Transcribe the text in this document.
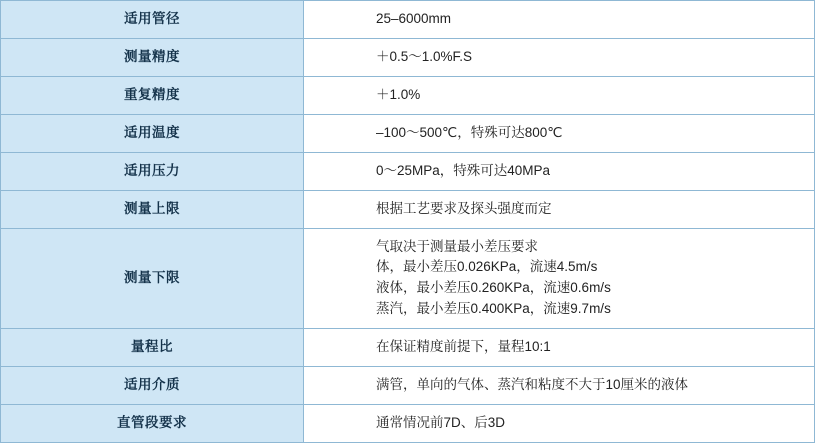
适用管径	25–6000mm
测量精度	＋0.5～1.0%F.S
重复精度	＋1.0%
适用温度	–100～500℃，特殊可达800℃
适用压力	0～25MPa，特殊可达40MPa
测量上限	根据工艺要求及探头强度而定
测量下限	气取决于测量最小差压要求
体，最小差压0.026KPa，流速4.5m/s
液体，最小差压0.260KPa，流速0.6m/s
蒸汽，最小差压0.400KPa，流速9.7m/s

量程比	在保证精度前提下，量程10:1
适用介质	满管，单向的气体、蒸汽和粘度不大于10厘米的液体
直管段要求	通常情况前7D、后3D
